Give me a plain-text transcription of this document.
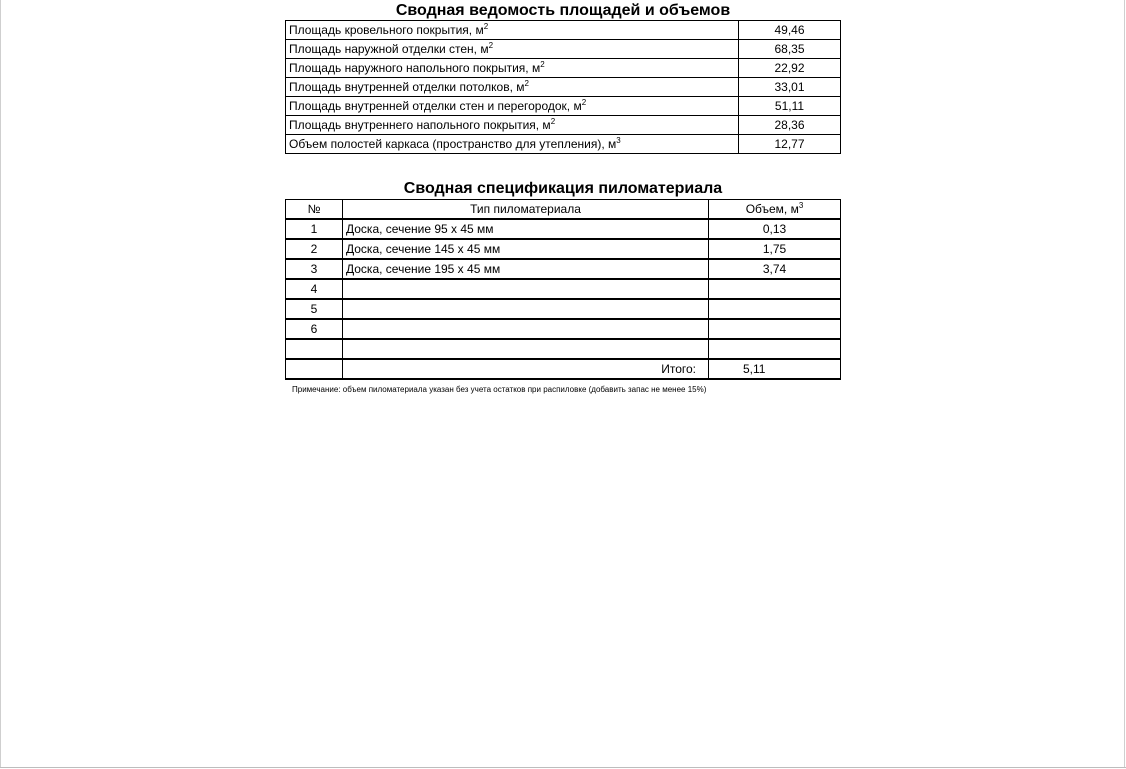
Сводная ведомость площадей и объемов
Площадь кровельного покрытия, $м^2$	49,46
Площадь наружной отделки стен, $м^2$	68,35
Площадь наружного напольного покрытия, $м^2$	22,92
Площадь внутренней отделки потолков, $м^2$	33,01
Площадь внутренней отделки стен и перегородок, $м^2$	51,11
Площадь внутреннего напольного покрытия, $м^2$	28,36
Объем полостей каркаса (пространство для утепления), $м^3$	12,77
Сводная спецификация пиломатериала
№	Тип пиломатериала	Объем, $м^3$
1	Доска, сечение 95 х 45 мм	0,13
2	Доска, сечение 145 х 45 мм	1,75
3	Доска, сечение 195 х 45 мм	3,74
4		
5		
6		

	Итого:	5,11
Примечание: объем пиломатериала указан без учета остатков при распиловке (добавить запас не менее 15%)
